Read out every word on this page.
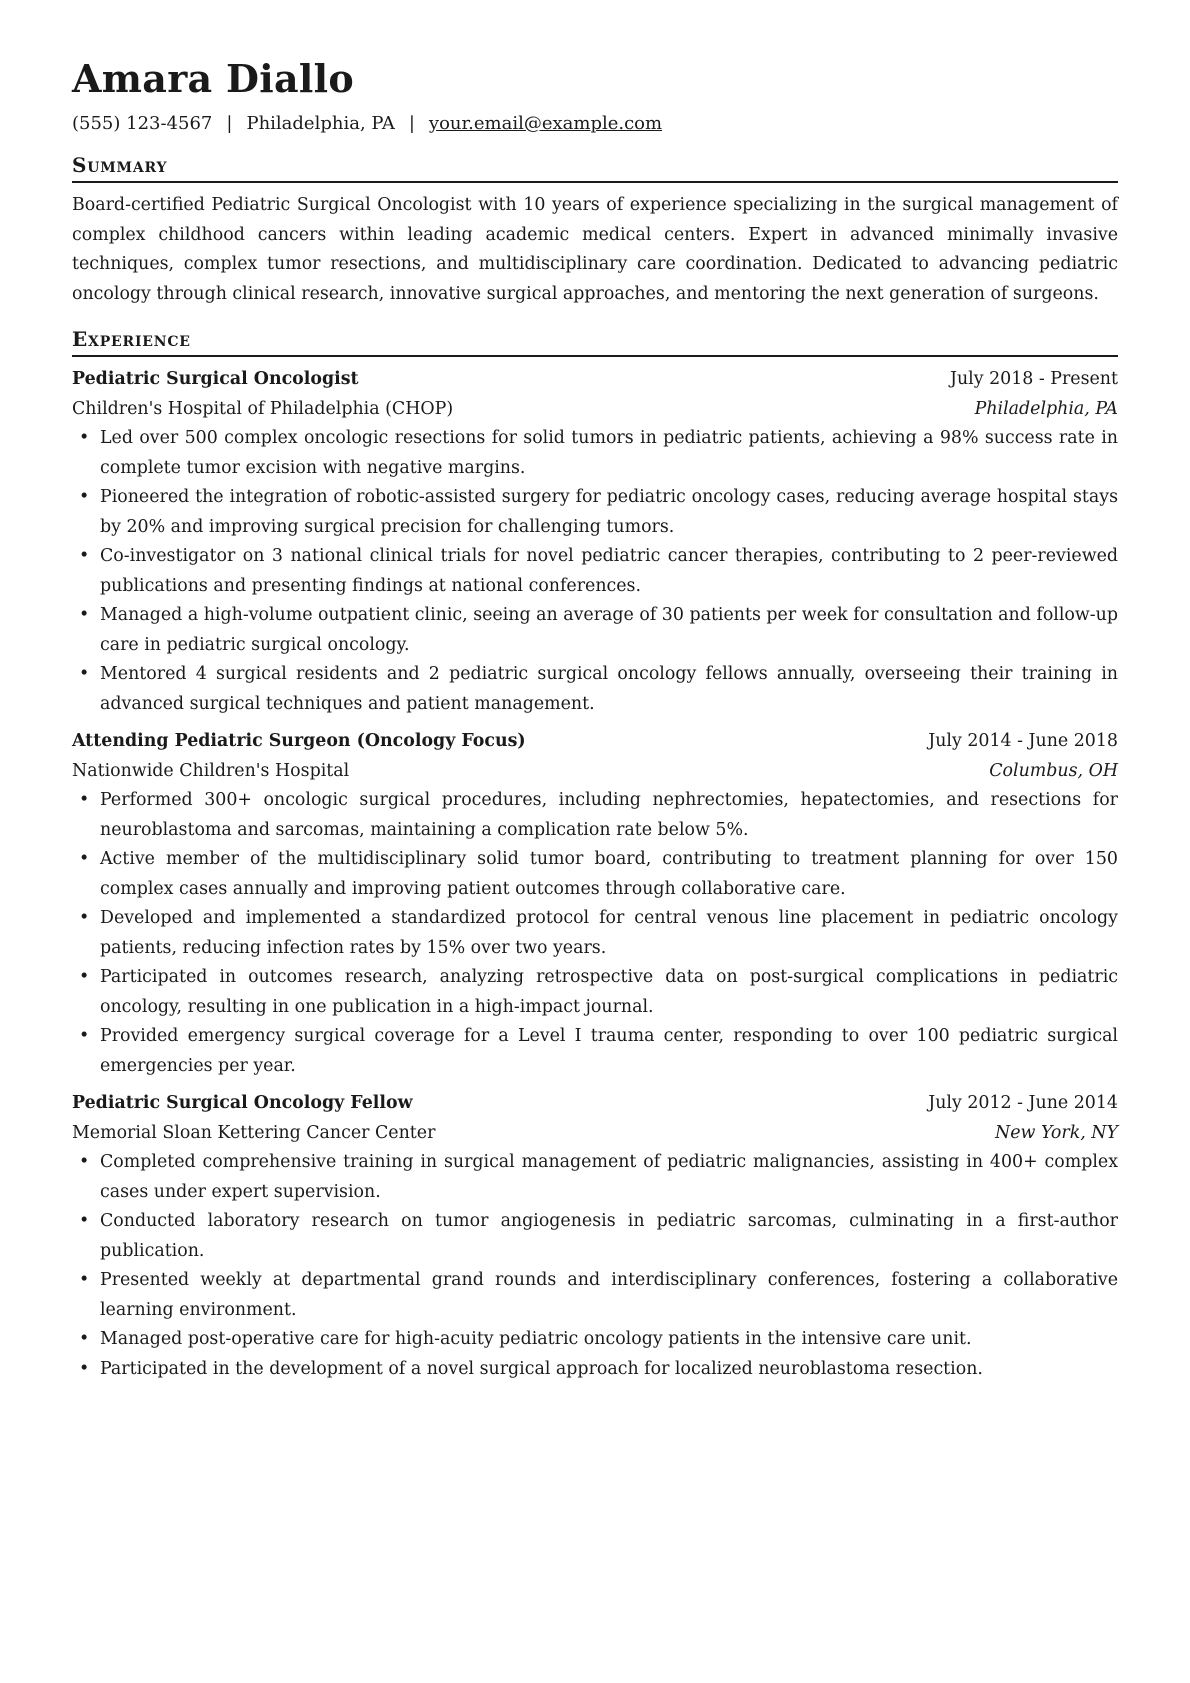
Amara Diallo
(555) 123-4567 | Philadelphia, PA | your.email@example.com
Summary
Board-certified Pediatric Surgical Oncologist with 10 years of experience specializing in the surgical management of complex childhood cancers within leading academic medical centers. Expert in advanced minimally invasive techniques, complex tumor resections, and multidisciplinary care coordination. Dedicated to advancing pediatric oncology through clinical research, innovative surgical approaches, and mentoring the next generation of surgeons.
Experience
Pediatric Surgical Oncologist	July 2018 - Present
Children's Hospital of Philadelphia (CHOP)	Philadelphia, PA
• Led over 500 complex oncologic resections for solid tumors in pediatric patients, achieving a 98% success rate in complete tumor excision with negative margins.
• Pioneered the integration of robotic-assisted surgery for pediatric oncology cases, reducing average hospital stays by 20% and improving surgical precision for challenging tumors.
• Co-investigator on 3 national clinical trials for novel pediatric cancer therapies, contributing to 2 peer-reviewed publications and presenting findings at national conferences.
• Managed a high-volume outpatient clinic, seeing an average of 30 patients per week for consultation and follow-up care in pediatric surgical oncology.
• Mentored 4 surgical residents and 2 pediatric surgical oncology fellows annually, overseeing their training in advanced surgical techniques and patient management.
Attending Pediatric Surgeon (Oncology Focus)	July 2014 - June 2018
Nationwide Children's Hospital	Columbus, OH
• Performed 300+ oncologic surgical procedures, including nephrectomies, hepatectomies, and resections for neuroblastoma and sarcomas, maintaining a complication rate below 5%.
• Active member of the multidisciplinary solid tumor board, contributing to treatment planning for over 150 complex cases annually and improving patient outcomes through collaborative care.
• Developed and implemented a standardized protocol for central venous line placement in pediatric oncology patients, reducing infection rates by 15% over two years.
• Participated in outcomes research, analyzing retrospective data on post-surgical complications in pediatric oncology, resulting in one publication in a high-impact journal.
• Provided emergency surgical coverage for a Level I trauma center, responding to over 100 pediatric surgical emergencies per year.
Pediatric Surgical Oncology Fellow	July 2012 - June 2014
Memorial Sloan Kettering Cancer Center	New York, NY
• Completed comprehensive training in surgical management of pediatric malignancies, assisting in 400+ complex cases under expert supervision.
• Conducted laboratory research on tumor angiogenesis in pediatric sarcomas, culminating in a first-author publication.
• Presented weekly at departmental grand rounds and interdisciplinary conferences, fostering a collaborative learning environment.
• Managed post-operative care for high-acuity pediatric oncology patients in the intensive care unit.
• Participated in the development of a novel surgical approach for localized neuroblastoma resection.
